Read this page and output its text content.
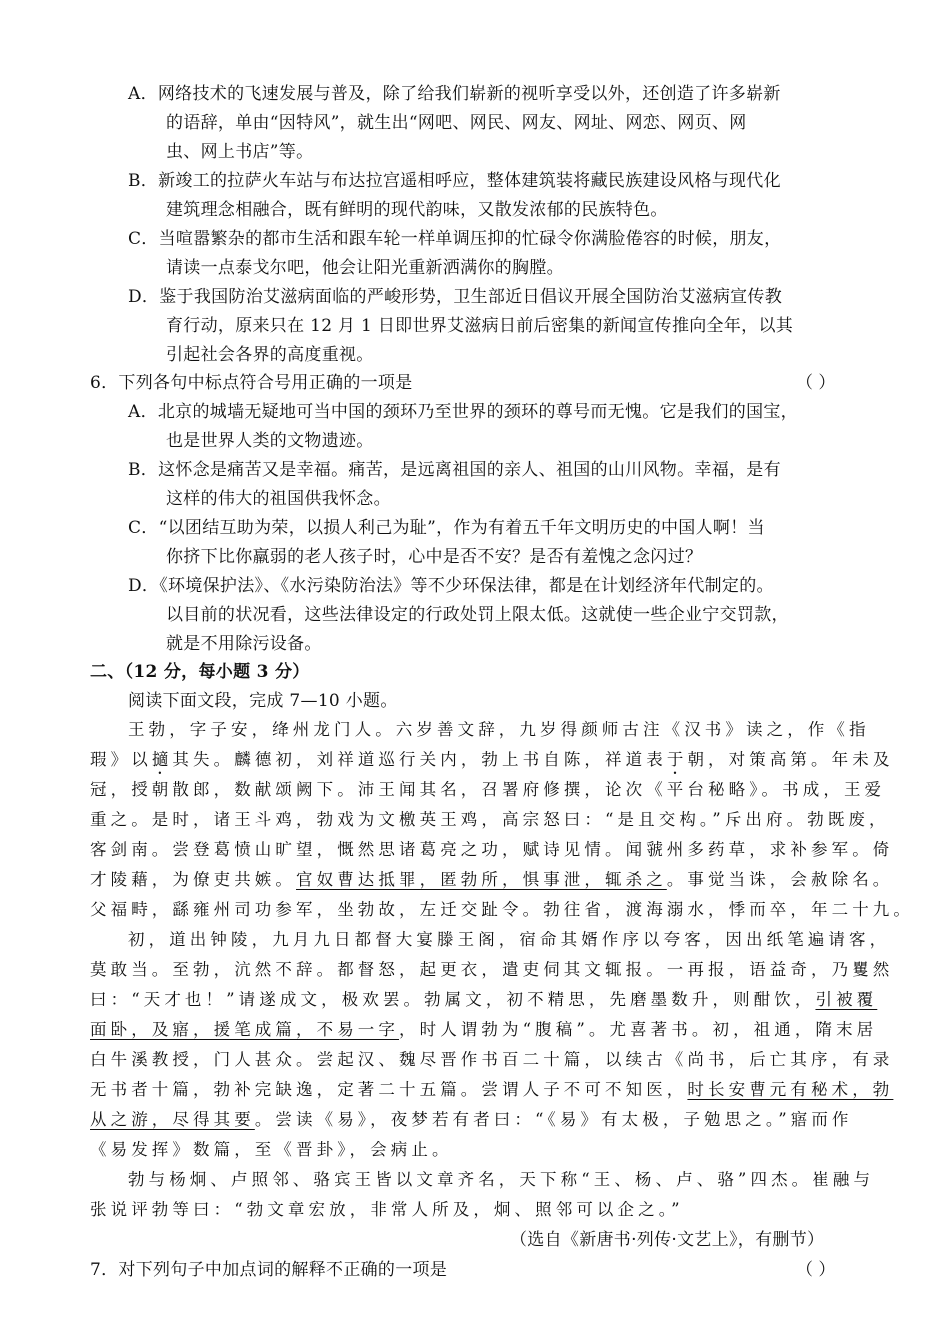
A．网络技术的飞速发展与普及，除了给我们崭新的视听享受以外，还创造了许多崭新
的语辞，单由“因特风”，就生出“网吧、网民、网友、网址、网恋、网页、网
虫、网上书店”等。
B．新竣工的拉萨火车站与布达拉宫遥相呼应，整体建筑装将藏民族建设风格与现代化
建筑理念相融合，既有鲜明的现代韵味，又散发浓郁的民族特色。
C．当喧嚣繁杂的都市生活和跟车轮一样单调压抑的忙碌令你满脸倦容的时候，朋友，
请读一点泰戈尔吧，他会让阳光重新洒满你的胸膛。
D．鉴于我国防治艾滋病面临的严峻形势，卫生部近日倡议开展全国防治艾滋病宣传教
育行动，原来只在 12 月 1 日即世界艾滋病日前后密集的新闻宣传推向全年，以其
引起社会各界的高度重视。
6．下列各句中标点符合号用正确的一项是	（ ）
A．北京的城墙无疑地可当中国的颈环乃至世界的颈环的尊号而无愧。它是我们的国宝，
也是世界人类的文物遗迹。
B．这怀念是痛苦又是幸福。痛苦，是远离祖国的亲人、祖国的山川风物。幸福，是有
这样的伟大的祖国供我怀念。
C．“以团结互助为荣，以损人利己为耻”，作为有着五千年文明历史的中国人啊！当
你挤下比你羸弱的老人孩子时，心中是否不安？是否有羞愧之念闪过？
D．《环境保护法》、《水污染防治法》等不少环保法律，都是在计划经济年代制定的。
以目前的状况看，这些法律设定的行政处罚上限太低。这就使一些企业宁交罚款，
就是不用除污设备。
二、（12 分，每小题 3 分）
阅读下面文段，完成 7—10 小题。
王勃，字子安，绛州龙门人。六岁善文辞，九岁得颜师古注《汉书》读之，作《指
瑕》以擿其失。麟德初，刘祥道巡行关内，勃上书自陈，祥道表于朝，对策高第。年未及
冠，授朝散郎，数献颂阙下。沛王闻其名，召署府修撰，论次《平台秘略》。书成，王爱
重之。是时，诸王斗鸡，勃戏为文檄英王鸡，高宗怒曰：“是且交构。”斥出府。勃既废，
客剑南。尝登葛愤山旷望，慨然思诸葛亮之功，赋诗见情。闻虢州多药草，求补参军。倚
才陵藉，为僚吏共嫉。官奴曹达抵罪，匿勃所，惧事泄，辄杀之。事觉当诛，会赦除名。
父福畤，繇雍州司功参军，坐勃故，左迁交趾令。勃往省，渡海溺水，悸而卒，年二十九。
初，道出钟陵，九月九日都督大宴滕王阁，宿命其婿作序以夸客，因出纸笔遍请客，
莫敢当。至勃，沆然不辞。都督怒，起更衣，遣吏伺其文辄报。一再报，语益奇，乃矍然
曰：“天才也！”请遂成文，极欢罢。勃属文，初不精思，先磨墨数升，则酣饮，引被覆
面卧，及寤，援笔成篇，不易一字，时人谓勃为“腹稿”。尤喜著书。初，祖通，隋末居
白牛溪教授，门人甚众。尝起汉、魏尽晋作书百二十篇，以续古《尚书，后亡其序，有录
无书者十篇，勃补完缺逸，定著二十五篇。尝谓人子不可不知医，时长安曹元有秘术，勃
从之游，尽得其要。尝读《易》，夜梦若有者曰：“《易》有太极，子勉思之。”寤而作
《易发挥》数篇，至《晋卦》，会病止。
勃与杨炯、卢照邻、骆宾王皆以文章齐名，天下称“王、杨、卢、骆”四杰。崔融与
张说评勃等曰：“勃文章宏放，非常人所及，炯、照邻可以企之。”
（选自《新唐书·列传·文艺上》，有删节）
7．对下列句子中加点词的解释不正确的一项是	（ ）
